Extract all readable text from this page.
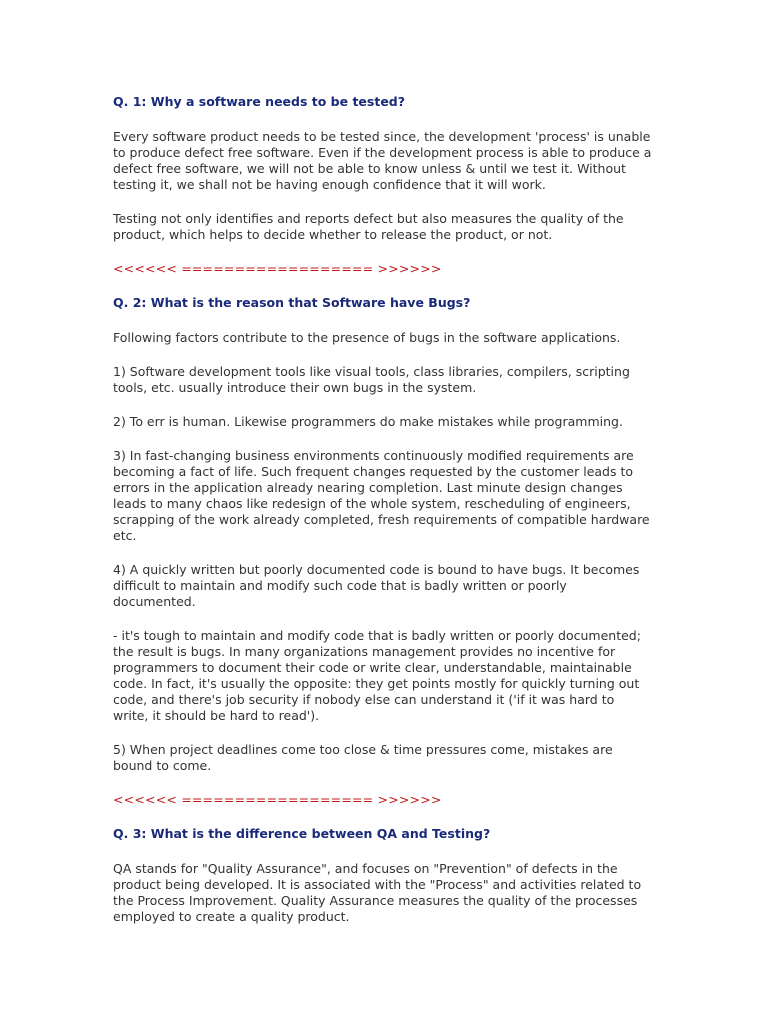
Q. 1: Why a software needs to be tested?

Every software product needs to be tested since, the development 'process' is unable to produce defect free software. Even if the development process is able to produce a defect free software, we will not be able to know unless & until we test it. Without testing it, we shall not be having enough confidence that it will work.

Testing not only identifies and reports defect but also measures the quality of the product, which helps to decide whether to release the product, or not.

<<<<<< ================== >>>>>>

Q. 2: What is the reason that Software have Bugs?

Following factors contribute to the presence of bugs in the software applications.

1) Software development tools like visual tools, class libraries, compilers, scripting tools, etc. usually introduce their own bugs in the system.

2) To err is human. Likewise programmers do make mistakes while programming.

3) In fast-changing business environments continuously modified requirements are becoming a fact of life. Such frequent changes requested by the customer leads to errors in the application already nearing completion. Last minute design changes leads to many chaos like redesign of the whole system, rescheduling of engineers, scrapping of the work already completed, fresh requirements of compatible hardware etc.

4) A quickly written but poorly documented code is bound to have bugs. It becomes difficult to maintain and modify such code that is badly written or poorly documented.

- it's tough to maintain and modify code that is badly written or poorly documented; the result is bugs. In many organizations management provides no incentive for programmers to document their code or write clear, understandable, maintainable code. In fact, it's usually the opposite: they get points mostly for quickly turning out code, and there's job security if nobody else can understand it ('if it was hard to write, it should be hard to read').

5) When project deadlines come too close & time pressures come, mistakes are bound to come.

<<<<<< ================== >>>>>>

Q. 3: What is the difference between QA and Testing?

QA stands for "Quality Assurance", and focuses on "Prevention" of defects in the product being developed. It is associated with the "Process" and activities related to the Process Improvement. Quality Assurance measures the quality of the processes employed to create a quality product.
